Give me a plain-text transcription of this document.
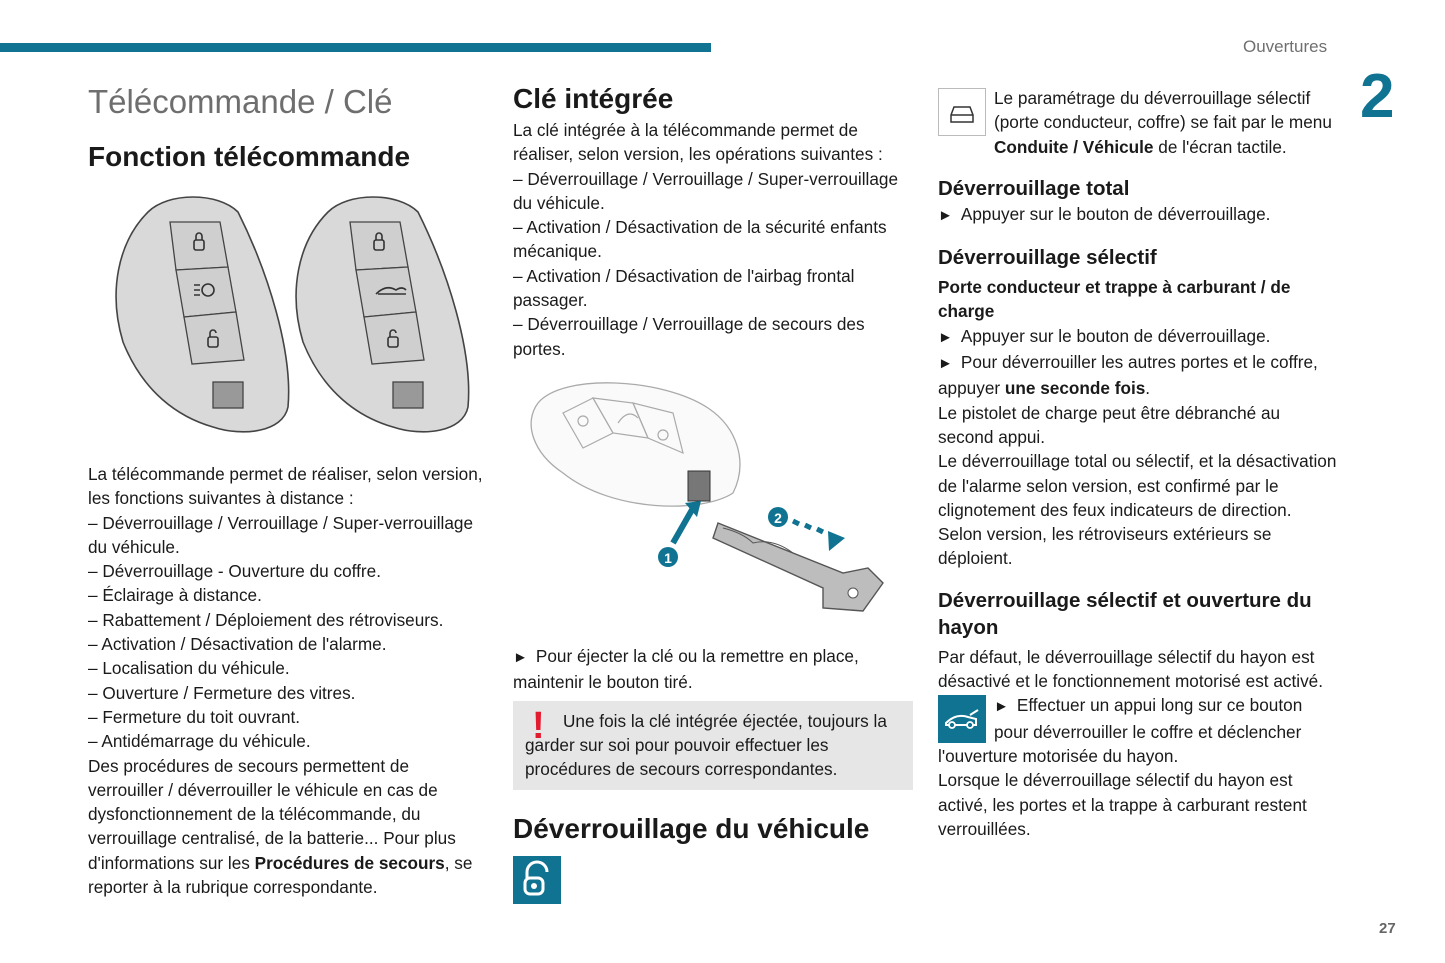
Ouvertures
2
Télécommande / Clé
Fonction télécommande

La télécommande permet de réaliser, selon version, les fonctions suivantes à distance :

– Déverrouillage / Verrouillage / Super-verrouillage du véhicule.

– Déverrouillage - Ouverture du coffre.

– Éclairage à distance.

– Rabattement / Déploiement des rétroviseurs.

– Activation / Désactivation de l'alarme.

– Localisation du véhicule.

– Ouverture / Fermeture des vitres.

– Fermeture du toit ouvrant.

– Antidémarrage du véhicule.

Des procédures de secours permettent de verrouiller / déverrouiller le véhicule en cas de dysfonctionnement de la télécommande, du verrouillage centralisé, de la batterie... Pour plus d'informations sur les Procédures de secours, se reporter à la rubrique correspondante.

Clé intégrée

La clé intégrée à la télécommande permet de réaliser, selon version, les opérations suivantes :

– Déverrouillage / Verrouillage / Super-verrouillage du véhicule.

– Activation / Désactivation de la sécurité enfants mécanique.

– Activation / Désactivation de l'airbag frontal passager.

– Déverrouillage / Verrouillage de secours des portes.

1
2

► Pour éjecter la clé ou la remettre en place, maintenir le bouton tiré.

!	Une fois la clé intégrée éjectée, toujours la garder sur soi pour pouvoir effectuer les procédures de secours correspondantes.

Déverrouillage du véhicule

Le paramétrage du déverrouillage sélectif (porte conducteur, coffre) se fait par le menu Conduite / Véhicule de l'écran tactile.

Déverrouillage total

► Appuyer sur le bouton de déverrouillage.

Déverrouillage sélectif

Porte conducteur et trappe à carburant / de charge

► Appuyer sur le bouton de déverrouillage.

► Pour déverrouiller les autres portes et le coffre, appuyer une seconde fois.

Le pistolet de charge peut être débranché au second appui.

Le déverrouillage total ou sélectif, et la désactivation de l'alarme selon version, est confirmé par le clignotement des feux indicateurs de direction.

Selon version, les rétroviseurs extérieurs se déploient.

Déverrouillage sélectif et ouverture du hayon

Par défaut, le déverrouillage sélectif du hayon est désactivé et le fonctionnement motorisé est activé.

► Effectuer un appui long sur ce bouton pour déverrouiller le coffre et déclencher l'ouverture motorisée du hayon.

Lorsque le déverrouillage sélectif du hayon est activé, les portes et la trappe à carburant restent verrouillées.

27
